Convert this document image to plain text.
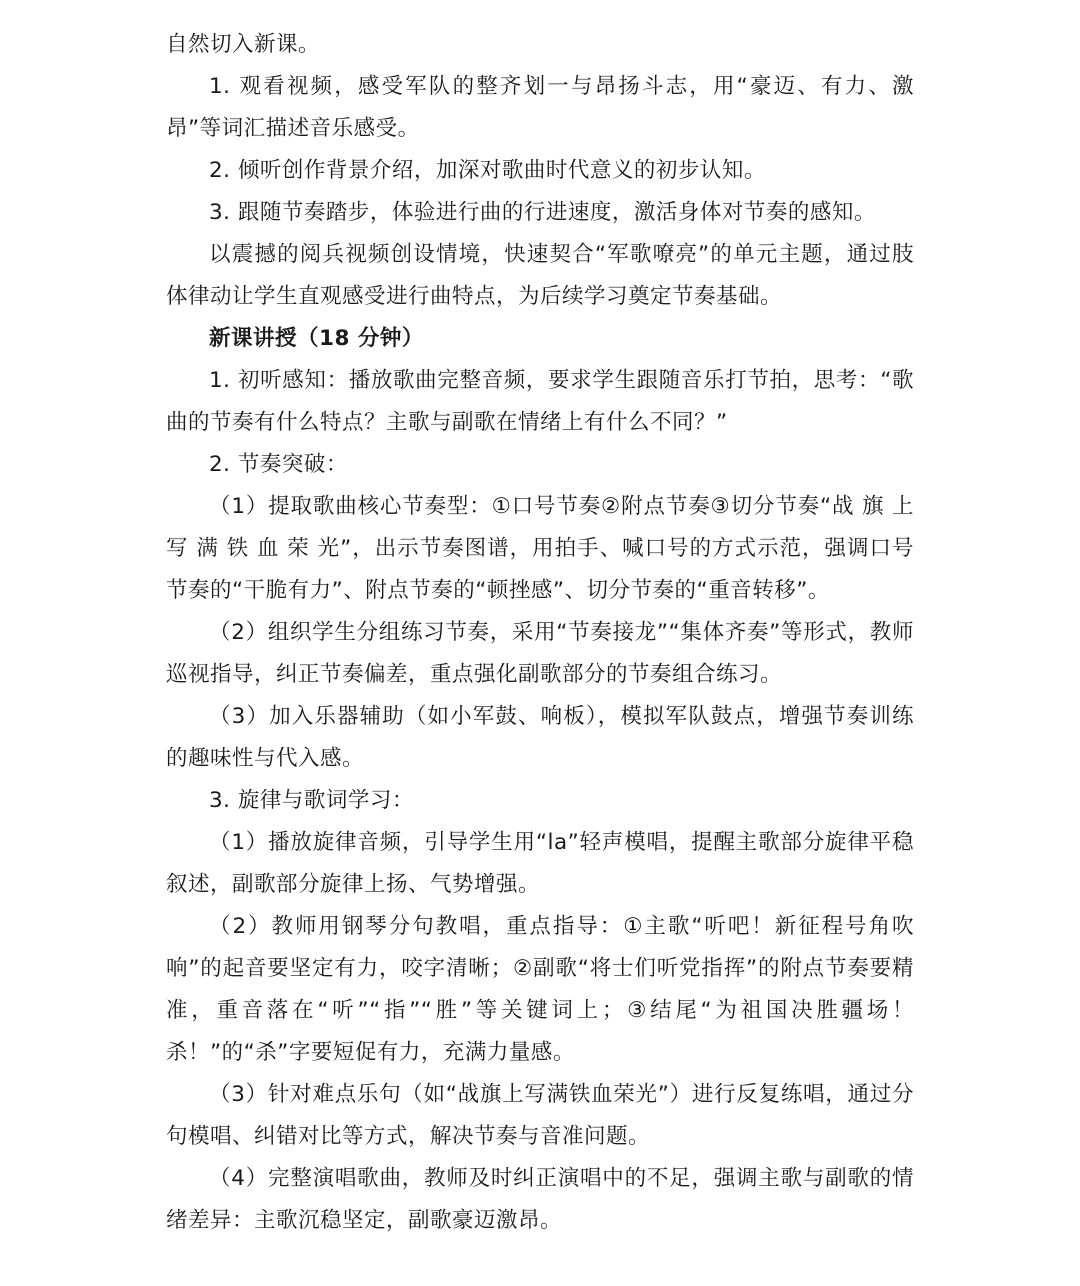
自然切入新课。

1. 观看视频，感受军队的整齐划一与昂扬斗志，用“豪迈、有力、激昂”等词汇描述音乐感受。

2. 倾听创作背景介绍，加深对歌曲时代意义的初步认知。

3. 跟随节奏踏步，体验进行曲的行进速度，激活身体对节奏的感知。

以震撼的阅兵视频创设情境，快速契合“军歌嘹亮”的单元主题，通过肢体律动让学生直观感受进行曲特点，为后续学习奠定节奏基础。

新课讲授（18 分钟）

1. 初听感知：播放歌曲完整音频，要求学生跟随音乐打节拍，思考：“歌曲的节奏有什么特点？主歌与副歌在情绪上有什么不同？”

2. 节奏突破：

（1）提取歌曲核心节奏型：①口号节奏②附点节奏③切分节奏“战 旗 上 写 满 铁 血 荣 光”，出示节奏图谱，用拍手、喊口号的方式示范，强调口号节奏的“干脆有力”、附点节奏的“顿挫感”、切分节奏的“重音转移”。

（2）组织学生分组练习节奏，采用“节奏接龙”“集体齐奏”等形式，教师巡视指导，纠正节奏偏差，重点强化副歌部分的节奏组合练习。

（3）加入乐器辅助（如小军鼓、响板），模拟军队鼓点，增强节奏训练的趣味性与代入感。

3. 旋律与歌词学习：

（1）播放旋律音频，引导学生用“la”轻声模唱，提醒主歌部分旋律平稳叙述，副歌部分旋律上扬、气势增强。

（2）教师用钢琴分句教唱，重点指导：①主歌“听吧！新征程号角吹响”的起音要坚定有力，咬字清晰；②副歌“将士们听党指挥”的附点节奏要精准，重音落在“听”“指”“胜”等关键词上；③结尾“为祖国决胜疆场！杀！”的“杀”字要短促有力，充满力量感。

（3）针对难点乐句（如“战旗上写满铁血荣光”）进行反复练唱，通过分句模唱、纠错对比等方式，解决节奏与音准问题。

（4）完整演唱歌曲，教师及时纠正演唱中的不足，强调主歌与副歌的情绪差异：主歌沉稳坚定，副歌豪迈激昂。
